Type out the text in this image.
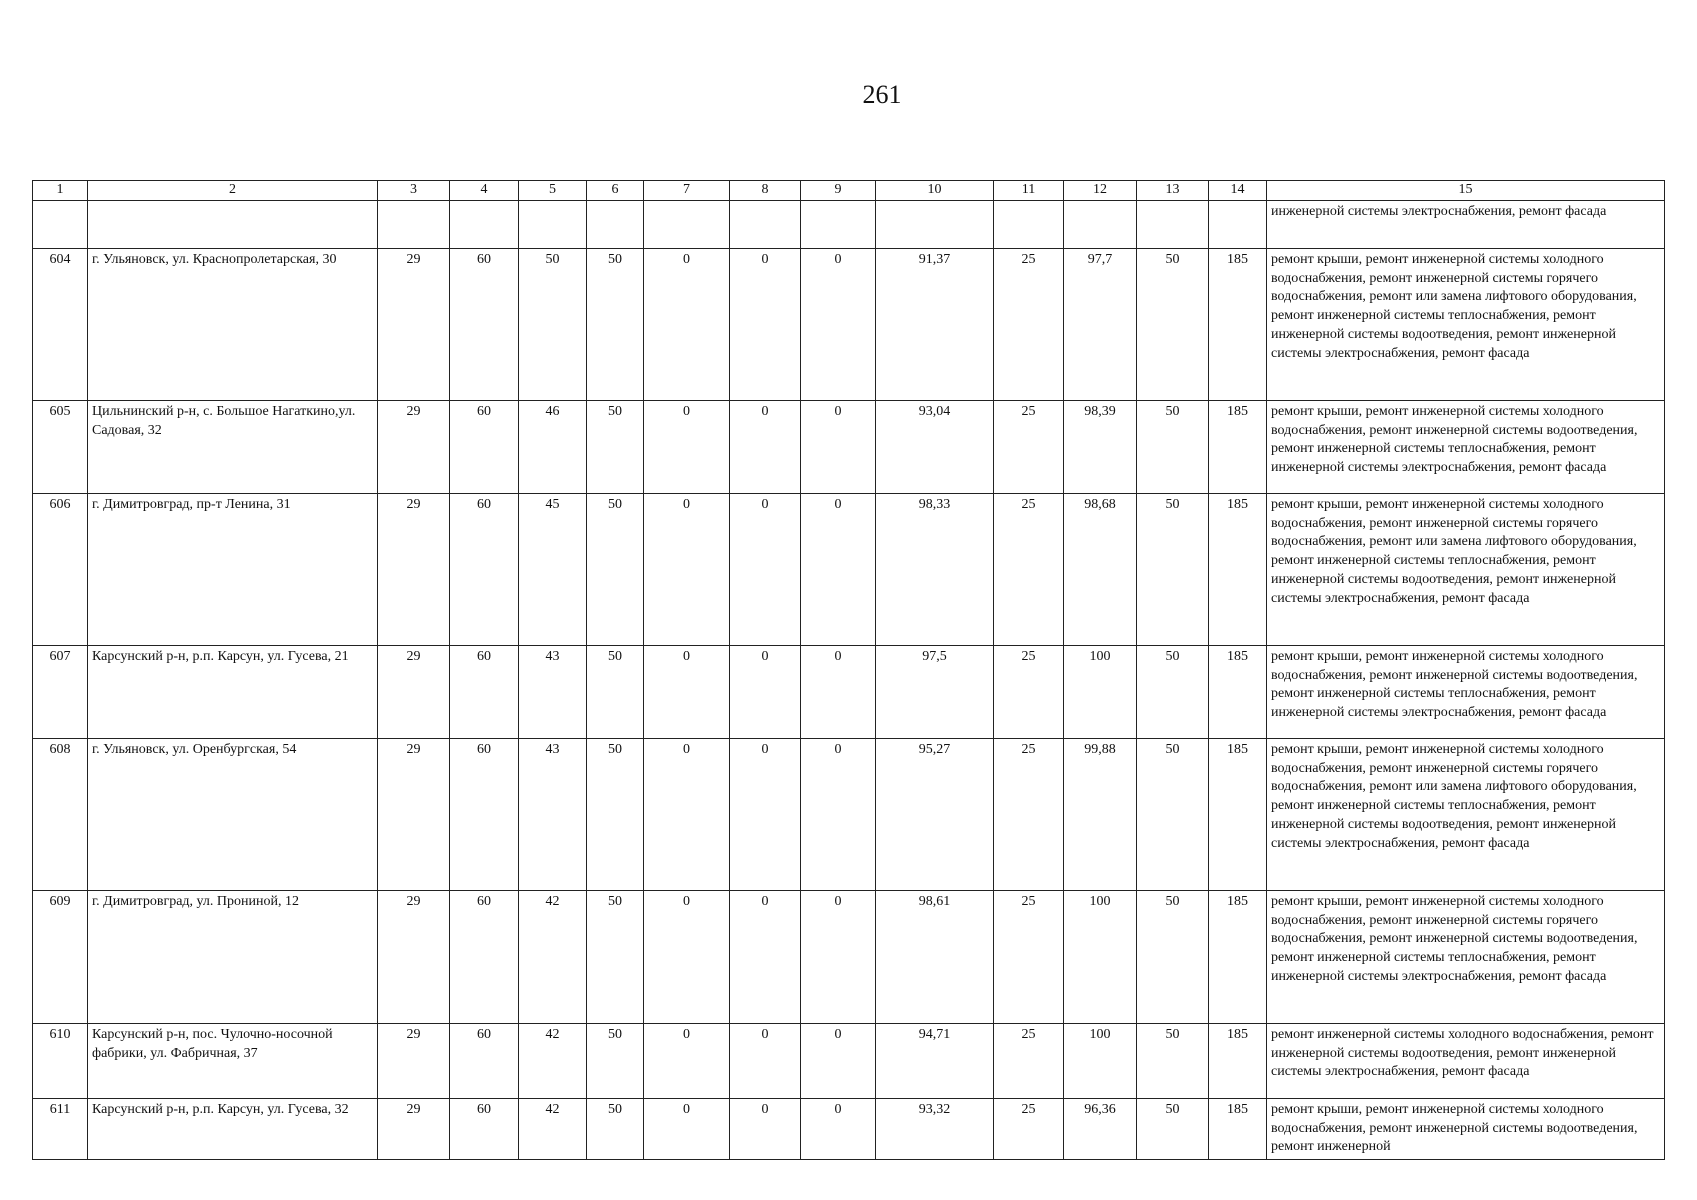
261
1	2	3	4	5	6	7	8	9	10	11	12	13	14	15
														инженерной системы электроснабжения, ремонт фасада
604	г. Ульяновск, ул. Краснопролетарская, 30	29	60	50	50	0	0	0	91,37	25	97,7	50	185	ремонт крыши, ремонт инженерной системы холодного водоснабжения, ремонт инженерной системы горячего водоснабжения, ремонт или замена лифтового оборудования, ремонт инженерной системы теплоснабжения, ремонт инженерной системы водоотведения, ремонт инженерной системы электроснабжения, ремонт фасада
605	Цильнинский р-н, с. Большое Нагаткино,ул. Садовая, 32	29	60	46	50	0	0	0	93,04	25	98,39	50	185	ремонт крыши, ремонт инженерной системы холодного водоснабжения, ремонт инженерной системы водоотведения, ремонт инженерной системы теплоснабжения, ремонт инженерной системы электроснабжения, ремонт фасада
606	г. Димитровград, пр-т Ленина, 31	29	60	45	50	0	0	0	98,33	25	98,68	50	185	ремонт крыши, ремонт инженерной системы холодного водоснабжения, ремонт инженерной системы горячего водоснабжения, ремонт или замена лифтового оборудования, ремонт инженерной системы теплоснабжения, ремонт инженерной системы водоотведения, ремонт инженерной системы электроснабжения, ремонт фасада
607	Карсунский р-н, р.п. Карсун, ул. Гусева, 21	29	60	43	50	0	0	0	97,5	25	100	50	185	ремонт крыши, ремонт инженерной системы холодного водоснабжения, ремонт инженерной системы водоотведения, ремонт инженерной системы теплоснабжения, ремонт инженерной системы электроснабжения, ремонт фасада
608	г. Ульяновск, ул. Оренбургская, 54	29	60	43	50	0	0	0	95,27	25	99,88	50	185	ремонт крыши, ремонт инженерной системы холодного водоснабжения, ремонт инженерной системы горячего водоснабжения, ремонт или замена лифтового оборудования, ремонт инженерной системы теплоснабжения, ремонт инженерной системы водоотведения, ремонт инженерной системы электроснабжения, ремонт фасада
609	г. Димитровград, ул. Прониной, 12	29	60	42	50	0	0	0	98,61	25	100	50	185	ремонт крыши, ремонт инженерной системы холодного водоснабжения, ремонт инженерной системы горячего водоснабжения, ремонт инженерной системы водоотведения, ремонт инженерной системы теплоснабжения, ремонт инженерной системы электроснабжения, ремонт фасада
610	Карсунский р-н, пос. Чулочно-носочной фабрики, ул. Фабричная, 37	29	60	42	50	0	0	0	94,71	25	100	50	185	ремонт инженерной системы холодного водоснабжения, ремонт инженерной системы водоотведения, ремонт инженерной системы электроснабжения, ремонт фасада
611	Карсунский р-н, р.п. Карсун, ул. Гусева, 32	29	60	42	50	0	0	0	93,32	25	96,36	50	185	ремонт крыши, ремонт инженерной системы холодного водоснабжения, ремонт инженерной системы водоотведения, ремонт инженерной
